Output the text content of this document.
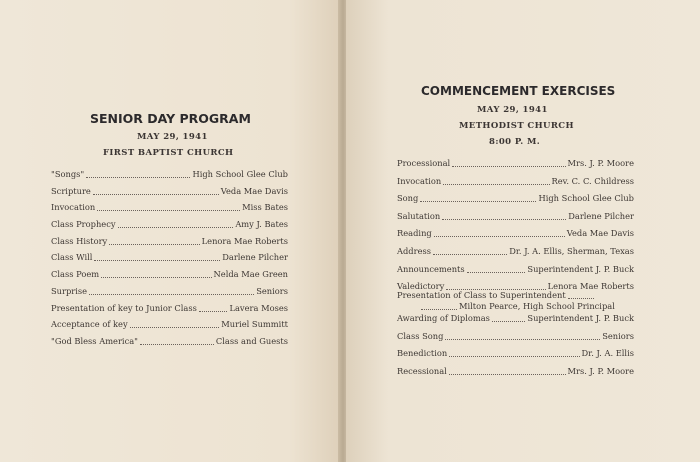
SENIOR DAY PROGRAM
MAY 29, 1941
FIRST BAPTIST CHURCH
"Songs"	High School Glee Club
Scripture	Veda Mae Davis
Invocation	Miss Bates
Class Prophecy	Amy J. Bates
Class History	Lenora Mae Roberts
Class Will	Darlene Pilcher
Class Poem	Nelda Mae Green
Surprise	Seniors
Presentation of key to Junior Class	Lavera Moses
Acceptance of key	Muriel Summitt
"God Bless America"	Class and Guests
COMMENCEMENT EXERCISES
MAY 29, 1941
METHODIST CHURCH
8:00 P. M.
Processional	Mrs. J. P. Moore
Invocation	Rev. C. C. Childress
Song	High School Glee Club
Salutation	Darlene Pilcher
Reading	Veda Mae Davis
Address	Dr. J. A. Ellis, Sherman, Texas
Announcements	Superintendent J. P. Buck
Valedictory	Lenora Mae Roberts
Presentation of Class to Superintendent
Milton Pearce, High School Principal
Awarding of Diplomas	Superintendent J. P. Buck
Class Song	Seniors
Benediction	Dr. J. A. Ellis
Recessional	Mrs. J. P. Moore
